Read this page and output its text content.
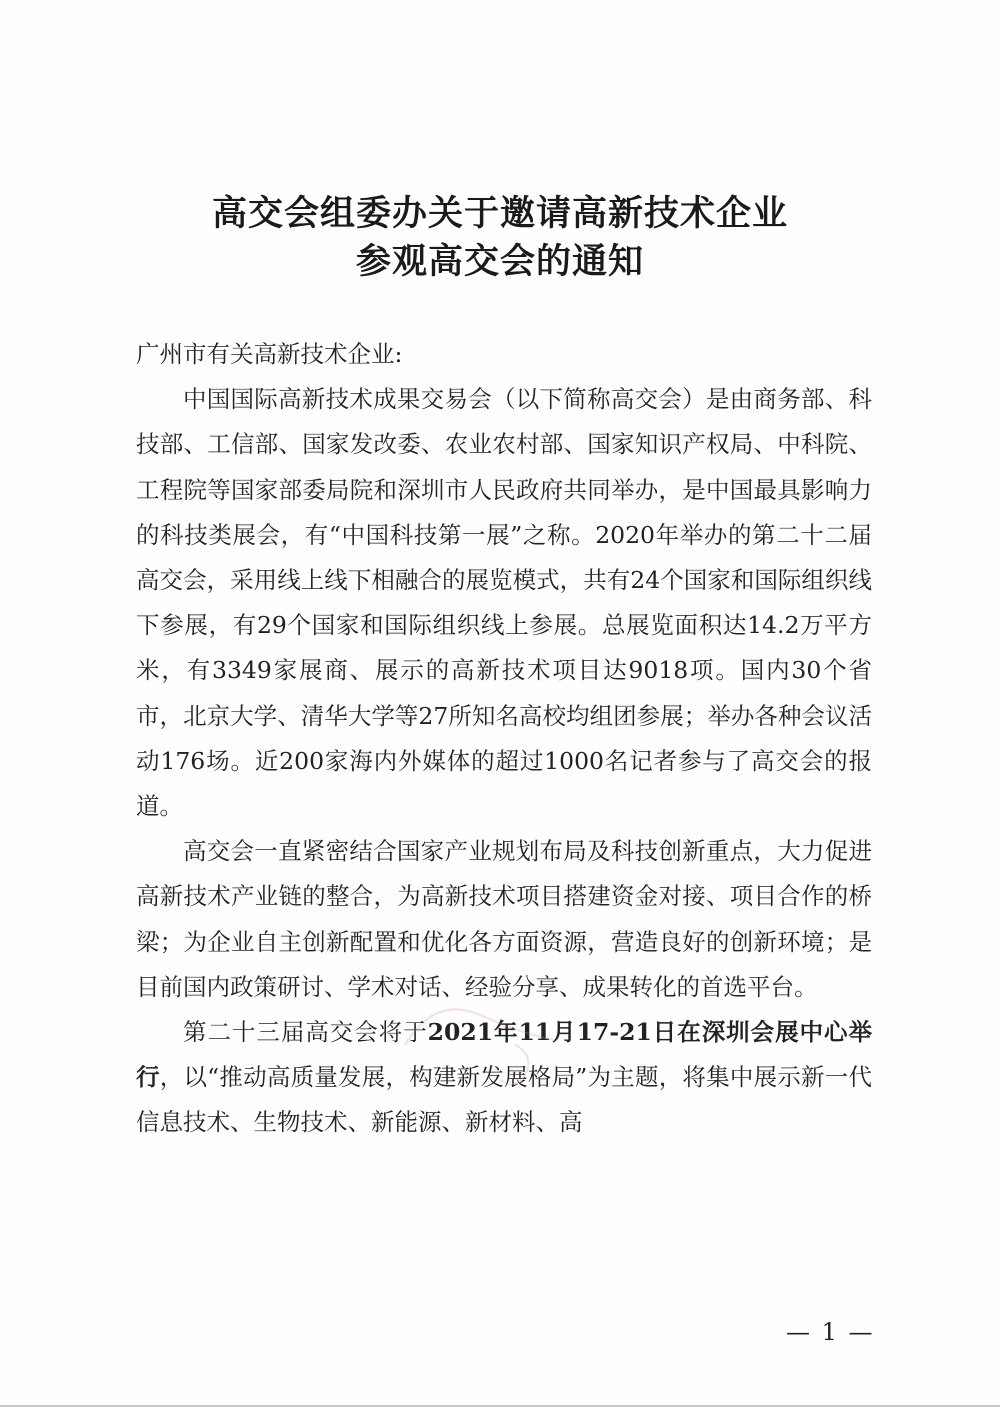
高交会组委办关于邀请高新技术企业
参观高交会的通知

广州市有关高新技术企业:

中国国际高新技术成果交易会（以下简称高交会）是由商务部、科技部、工信部、国家发改委、农业农村部、国家知识产权局、中科院、工程院等国家部委局院和深圳市人民政府共同举办，是中国最具影响力的科技类展会，有“中国科技第一展”之称。2020年举办的第二十二届高交会，采用线上线下相融合的展览模式，共有24个国家和国际组织线下参展，有29个国家和国际组织线上参展。总展览面积达14.2万平方米，有3349家展商、展示的高新技术项目达9018项。国内30个省市，北京大学、清华大学等27所知名高校均组团参展；举办各种会议活动176场。近200家海内外媒体的超过1000名记者参与了高交会的报道。

高交会一直紧密结合国家产业规划布局及科技创新重点，大力促进高新技术产业链的整合，为高新技术项目搭建资金对接、项目合作的桥梁；为企业自主创新配置和优化各方面资源，营造良好的创新环境；是目前国内政策研讨、学术对话、经验分享、成果转化的首选平台。

第二十三届高交会将于2021年11月17-21日在深圳会展中心举行，以“推动高质量发展，构建新发展格局”为主题，将集中展示新一代信息技术、生物技术、新能源、新材料、高

— 1 —
